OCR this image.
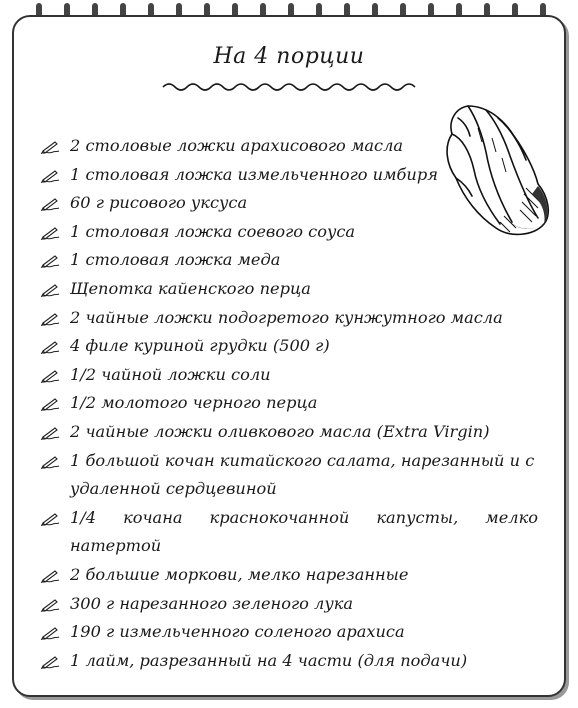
На 4 порции
2 столовые ложки арахисового масла
1 столовая ложка измельченного имбиря
60 г рисового уксуса
1 столовая ложка соевого соуса
1 столовая ложка меда
Щепотка кайенского перца
2 чайные ложки подогретого кунжутного масла
4 филе куриной грудки (500 г)
1/2 чайной ложки соли
1/2 молотого черного перца
2 чайные ложки оливкового масла (Extra Virgin)
1 большой кочан китайского салата, нарезанный и с удаленной сердцевиной
1/4 кочана краснокочанной капусты, мелко натертой
2 большие моркови, мелко нарезанные
300 г нарезанного зеленого лука
190 г измельченного соленого арахиса
1 лайм, разрезанный на 4 части (для подачи)
